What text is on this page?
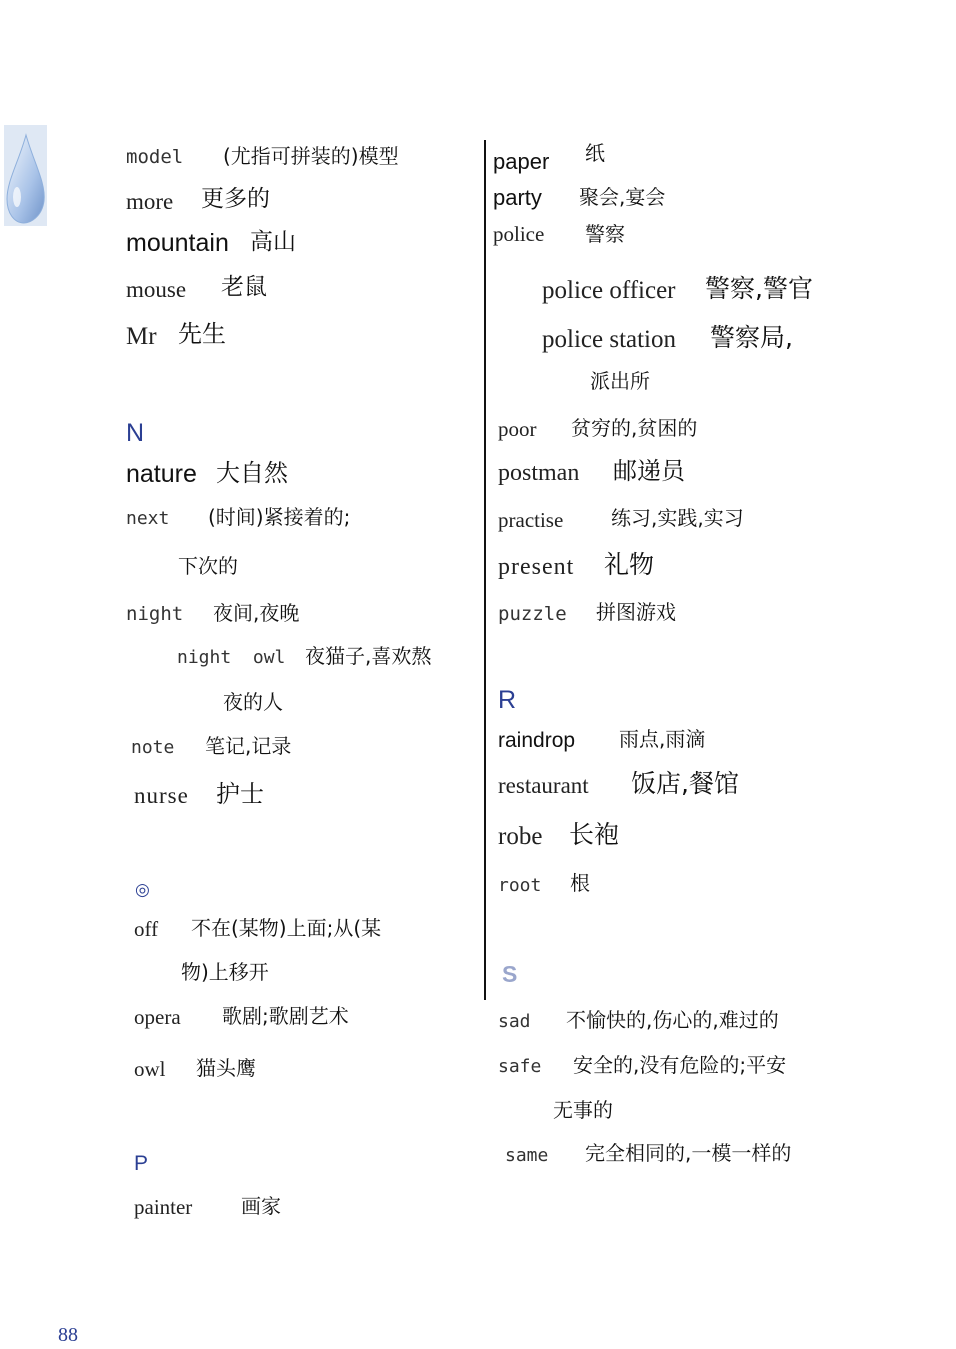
model (尤指可拼装的)模型
more 更多的
mountain 高山
mouse 老鼠
Mr 先生
N
nature 大自然
next (时间)紧接着的;
下次的
night 夜间,夜晚
night  owl 夜猫子,喜欢熬
夜的人
note 笔记,记录
nurse 护士
◎
off 不在(某物)上面;从(某
物)上移开
opera 歌剧;歌剧艺术
owl 猫头鹰
P
painter 画家
paper 纸
party 聚会,宴会
police 警察
police officer 警察,警官
police station 警察局,
派出所
poor 贫穷的,贫困的
postman 邮递员
practise 练习,实践,实习
present 礼物
puzzle 拼图游戏
R
raindrop 雨点,雨滴
restaurant 饭店,餐馆
robe 长袍
root 根
S
sad 不愉快的,伤心的,难过的
safe 安全的,没有危险的;平安
无事的
same 完全相同的,一模一样的
88
